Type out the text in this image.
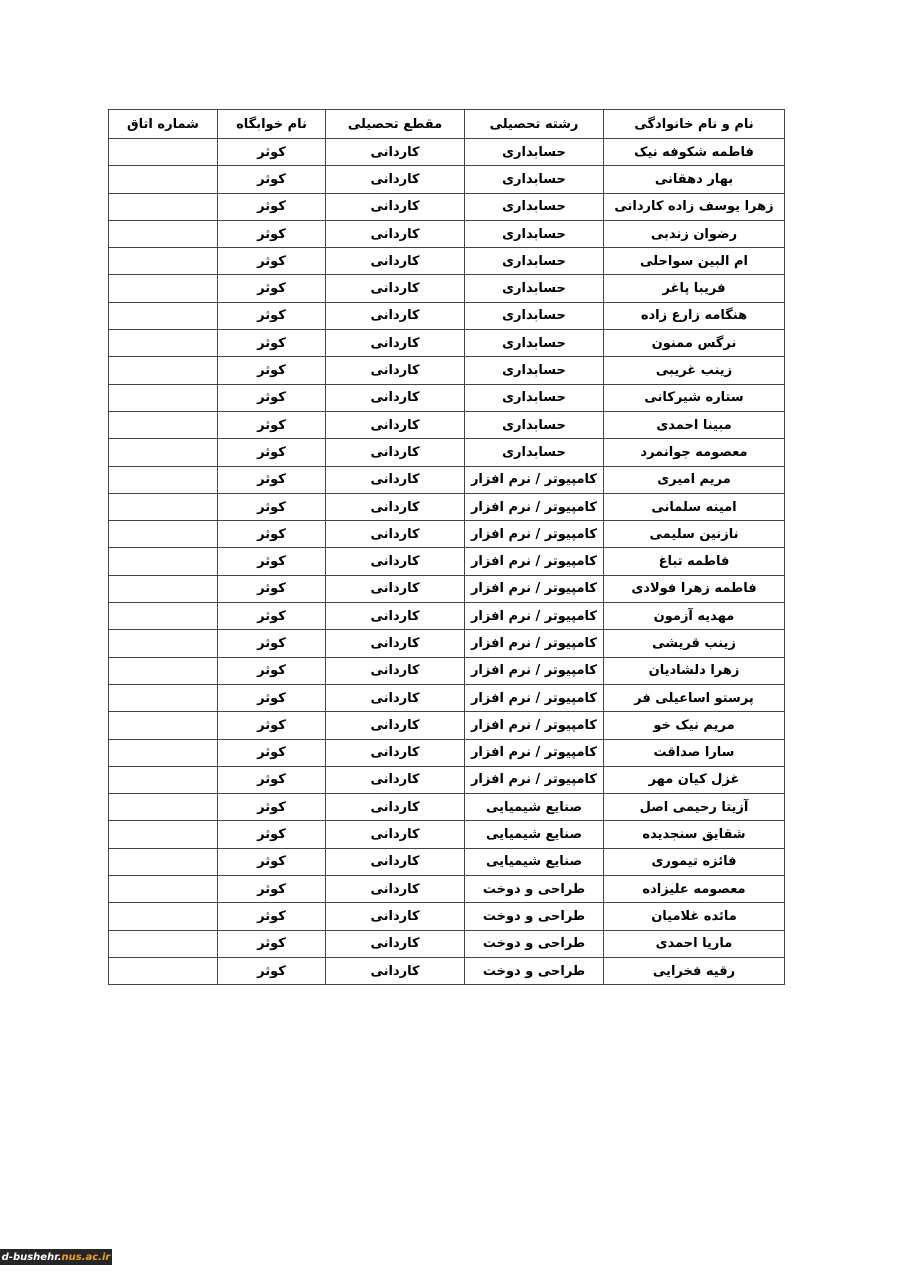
نام و نام خانوادگی	رشته تحصیلی	مقطع تحصیلی	نام خوابگاه	شماره اتاق
فاطمه شکوفه نیک	حسابداری	کاردانی	کوثر	
بهار دهقانی	حسابداری	کاردانی	کوثر	
زهرا یوسف زاده کاردانی	حسابداری	کاردانی	کوثر	
رضوان زندبی	حسابداری	کاردانی	کوثر	
ام البین سواحلی	حسابداری	کاردانی	کوثر	
فریبا پاغر	حسابداری	کاردانی	کوثر	
هنگامه زارع زاده	حسابداری	کاردانی	کوثر	
نرگس ممنون	حسابداری	کاردانی	کوثر	
زینب غریبی	حسابداری	کاردانی	کوثر	
ستاره شیرکانی	حسابداری	کاردانی	کوثر	
مبینا احمدی	حسابداری	کاردانی	کوثر	
معصومه جوانمرد	حسابداری	کاردانی	کوثر	
مریم امیری	کامپیوتر / نرم افزار	کاردانی	کوثر	
امینه سلمانی	کامپیوتر / نرم افزار	کاردانی	کوثر	
نازنین سلیمی	کامپیوتر / نرم افزار	کاردانی	کوثر	
فاطمه تباغ	کامپیوتر / نرم افزار	کاردانی	کوثر	
فاطمه زهرا فولادی	کامپیوتر / نرم افزار	کاردانی	کوثر	
مهدیه آزمون	کامپیوتر / نرم افزار	کاردانی	کوثر	
زینب قریشی	کامپیوتر / نرم افزار	کاردانی	کوثر	
زهرا دلشادیان	کامپیوتر / نرم افزار	کاردانی	کوثر	
پرستو اساعیلی فر	کامپیوتر / نرم افزار	کاردانی	کوثر	
مریم نیک خو	کامپیوتر / نرم افزار	کاردانی	کوثر	
سارا صداقت	کامپیوتر / نرم افزار	کاردانی	کوثر	
غزل کیان مهر	کامپیوتر / نرم افزار	کاردانی	کوثر	
آزیتا رحیمی اصل	صنایع شیمیایی	کاردانی	کوثر	
شقایق سنجدیده	صنایع شیمیایی	کاردانی	کوثر	
فائزه تیموری	صنایع شیمیایی	کاردانی	کوثر	
معصومه علیزاده	طراحی و دوخت	کاردانی	کوثر	
مائده غلامیان	طراحی و دوخت	کاردانی	کوثر	
ماریا احمدی	طراحی و دوخت	کاردانی	کوثر	
رقیه فخرایی	طراحی و دوخت	کاردانی	کوثر	
d-bushehr. nus.ac.ir
